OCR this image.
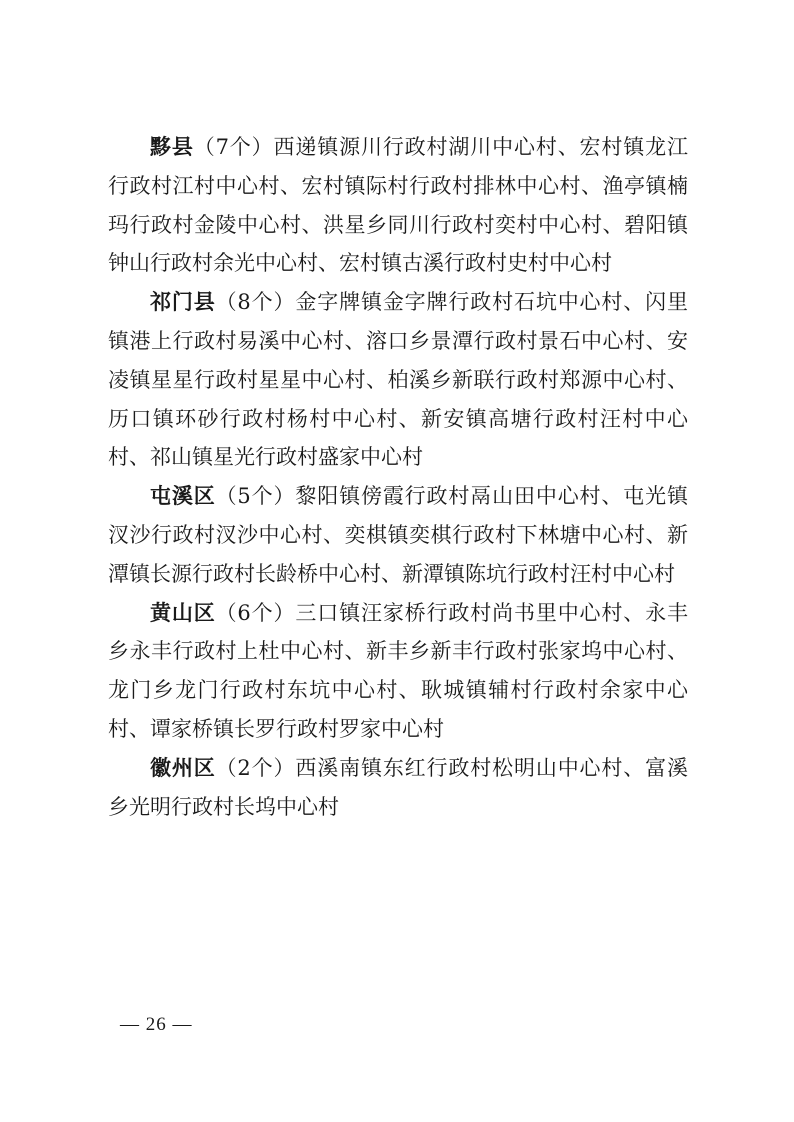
黟县（7个）西递镇源川行政村湖川中心村、宏村镇龙江行政村江村中心村、宏村镇际村行政村排林中心村、渔亭镇楠玛行政村金陵中心村、洪星乡同川行政村奕村中心村、碧阳镇钟山行政村余光中心村、宏村镇古溪行政村史村中心村

祁门县（8个）金字牌镇金字牌行政村石坑中心村、闪里镇港上行政村易溪中心村、溶口乡景潭行政村景石中心村、安凌镇星星行政村星星中心村、柏溪乡新联行政村郑源中心村、历口镇环砂行政村杨村中心村、新安镇高塘行政村汪村中心村、祁山镇星光行政村盛家中心村

屯溪区（5个）黎阳镇傍霞行政村鬲山田中心村、屯光镇汊沙行政村汊沙中心村、奕棋镇奕棋行政村下林塘中心村、新潭镇长源行政村长龄桥中心村、新潭镇陈坑行政村汪村中心村

黄山区（6个）三口镇汪家桥行政村尚书里中心村、永丰乡永丰行政村上杜中心村、新丰乡新丰行政村张家坞中心村、龙门乡龙门行政村东坑中心村、耿城镇辅村行政村余家中心村、谭家桥镇长罗行政村罗家中心村

徽州区（2个）西溪南镇东红行政村松明山中心村、富溪乡光明行政村长坞中心村

— 26 —
